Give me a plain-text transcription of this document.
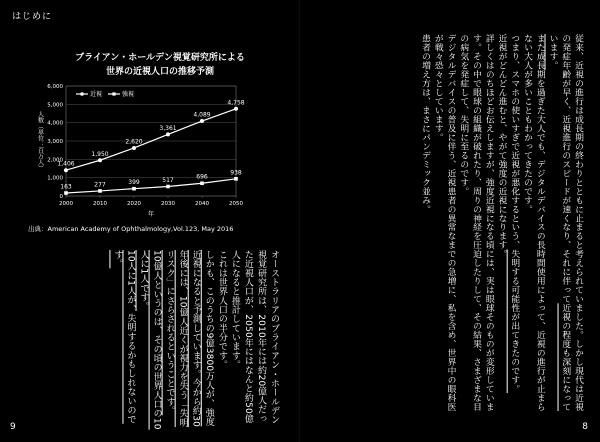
はじめに
ブライアン・ホールデン視覚研究所による
世界の近視人口の推移予測
出典：American Academy of Ophthalmology,Vol.123, May 2016
9	8
0
1,000
2,000
3,000
4,000
5,000
6,000
2000	2010	2020	2030	2040	2050
年
人数（単位：百万人） 1,406
1,950
2,620
3,361
4,089
4,758
163	277	399	517	696
938
近視	強視	従来、近視の進行は成長期の終わりとともに止まると考えられていました。しかし現代は近視の発症年齢が早く、近視進行のスピードが速くなり、それに伴って近視の程度も深刻になっています。

また成長期を過ぎた大人でも、デジタルデバイスの長時間使用によって、近視の進行が止まらない大人が多いこともわかってきたのです。

つまり、スマホの使いすぎで近視が悪化するという、失明する可能性が出てきたのです。

近視がどんどん進むと、やがて強度の近視になります。

詳しくはのちほどお伝えしますが、強度近視になる頃には、実は眼球そのものが変形しています。その中で眼球の組織が破れたり、周りの神経を圧迫したりして、その結果、さまざまな目の病気を発症して、失明に至るのです。

デジタルデバイスの普及に伴う、近視患者の異常なまでの急増に、私を含め、世界中の眼科医が戦々恐々としています。

患者の増え方は、まさにパンデミック並み。

オーストラリアのブライアン・ホールデン視覚研究所は、2010年には約20億人だった近視人口が、2050年にはなんと約50億人になると推計しています。

これは世界人口の半分です。

しかも、このうちの9億3800万人が、強度近視になると予測しています。今から約30年後には、10億人近くが視力を失う「失明リスク」にさらされるということです。

10億人というのは、その頃の世界人口の10人に1人です。

10人に1人が、失明するかもしれないのです。
